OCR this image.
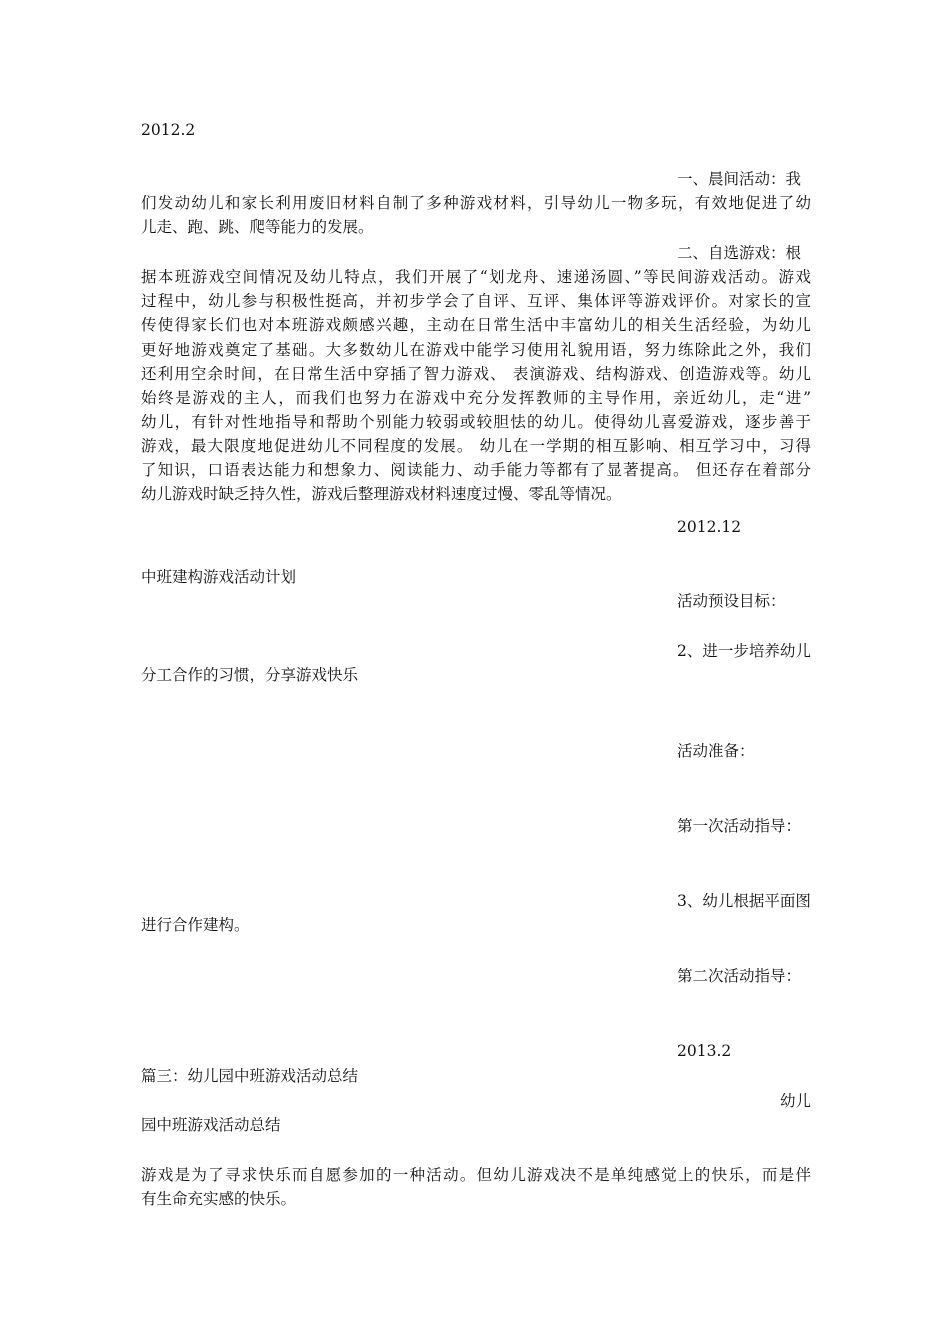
2012.2
一、晨间活动：我
们发动幼儿和家长利用废旧材料自制了多种游戏材料，引导幼儿一物多玩，有效地促进了幼
儿走、跑、跳、爬等能力的发展。
二、自选游戏：根
据本班游戏空间情况及幼儿特点，我们开展了“划龙舟、速递汤圆、”等民间游戏活动。游戏
过程中，幼儿参与积极性挺高，并初步学会了自评、互评、集体评等游戏评价。对家长的宣
传使得家长们也对本班游戏颇感兴趣，主动在日常生活中丰富幼儿的相关生活经验，为幼儿
更好地游戏奠定了基础。大多数幼儿在游戏中能学习使用礼貌用语，努力练除此之外，我们
还利用空余时间，在日常生活中穿插了智力游戏、 表演游戏、结构游戏、创造游戏等。幼儿
始终是游戏的主人，而我们也努力在游戏中充分发挥教师的主导作用，亲近幼儿，走“进”
幼儿，有针对性地指导和帮助个别能力较弱或较胆怯的幼儿。使得幼儿喜爱游戏，逐步善于
游戏，最大限度地促进幼儿不同程度的发展。 幼儿在一学期的相互影响、相互学习中，习得
了知识，口语表达能力和想象力、阅读能力、动手能力等都有了显著提高。 但还存在着部分
幼儿游戏时缺乏持久性，游戏后整理游戏材料速度过慢、零乱等情况。
2012.12
中班建构游戏活动计划
活动预设目标：
2、进一步培养幼儿
分工合作的习惯，分享游戏快乐
活动准备：
第一次活动指导：
3、幼儿根据平面图
进行合作建构。
第二次活动指导：
2013.2
篇三：幼儿园中班游戏活动总结
幼儿
园中班游戏活动总结
游戏是为了寻求快乐而自愿参加的一种活动。但幼儿游戏决不是单纯感觉上的快乐，而是伴
有生命充实感的快乐。
